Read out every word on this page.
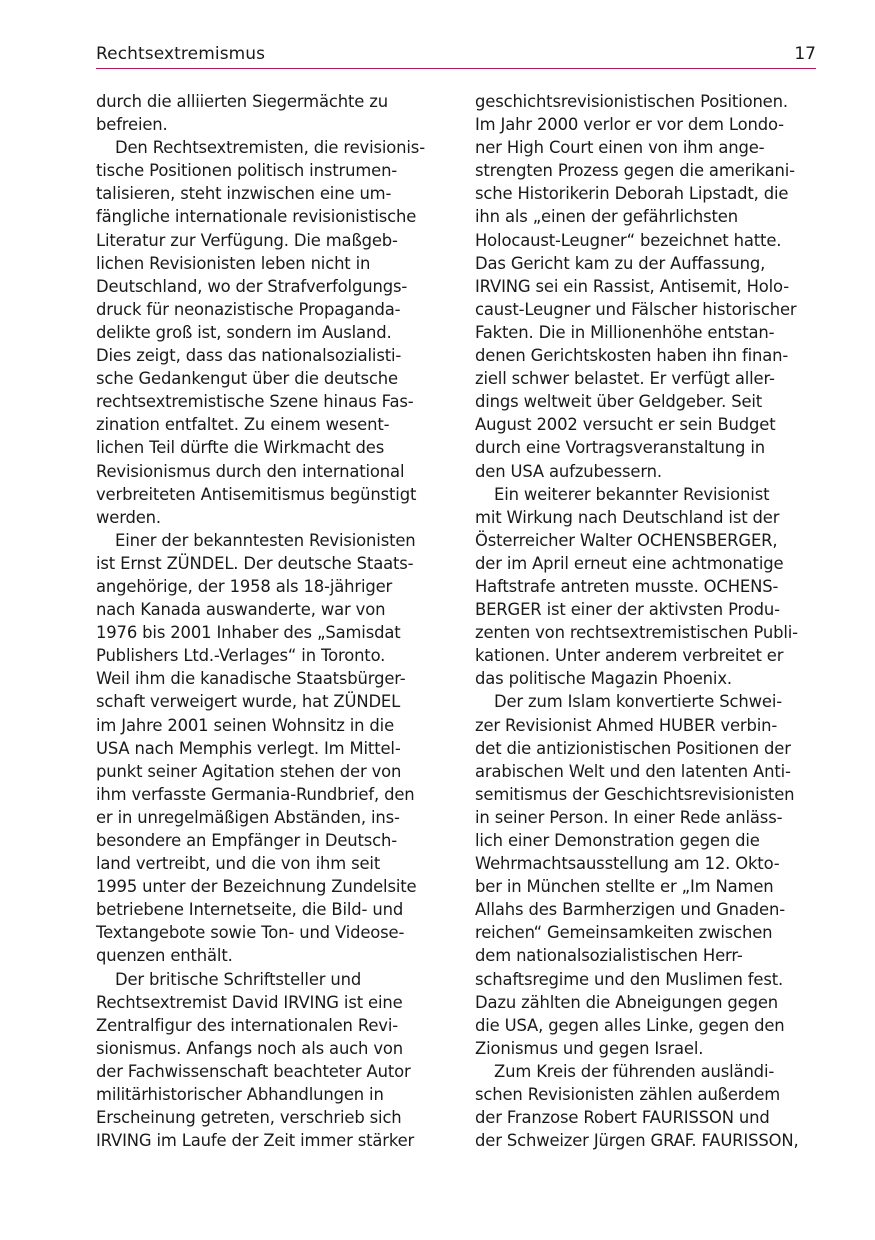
Rechtsextremismus	17
durch die alliierten Siegermächte zu
befreien.
Den Rechtsextremisten, die revisionis-
tische Positionen politisch instrumen-
talisieren, steht inzwischen eine um-
fängliche internationale revisionistische
Literatur zur Verfügung. Die maßgeb-
lichen Revisionisten leben nicht in
Deutschland, wo der Strafverfolgungs-
druck für neonazistische Propaganda-
delikte groß ist, sondern im Ausland.
Dies zeigt, dass das nationalsozialisti-
sche Gedankengut über die deutsche
rechtsextremistische Szene hinaus Fas-
zination entfaltet. Zu einem wesent-
lichen Teil dürfte die Wirkmacht des
Revisionismus durch den international
verbreiteten Antisemitismus begünstigt
werden.
Einer der bekanntesten Revisionisten
ist Ernst ZÜNDEL. Der deutsche Staats-
angehörige, der 1958 als 18-jähriger
nach Kanada auswanderte, war von
1976 bis 2001 Inhaber des „Samisdat
Publishers Ltd.-Verlages“ in Toronto.
Weil ihm die kanadische Staatsbürger-
schaft verweigert wurde, hat ZÜNDEL
im Jahre 2001 seinen Wohnsitz in die
USA nach Memphis verlegt. Im Mittel-
punkt seiner Agitation stehen der von
ihm verfasste Germania-Rundbrief, den
er in unregelmäßigen Abständen, ins-
besondere an Empfänger in Deutsch-
land vertreibt, und die von ihm seit
1995 unter der Bezeichnung Zundelsite
betriebene Internetseite, die Bild- und
Textangebote sowie Ton- und Videose-
quenzen enthält.
Der britische Schriftsteller und
Rechtsextremist David IRVING ist eine
Zentralfigur des internationalen Revi-
sionismus. Anfangs noch als auch von
der Fachwissenschaft beachteter Autor
militärhistorischer Abhandlungen in
Erscheinung getreten, verschrieb sich
IRVING im Laufe der Zeit immer stärker
geschichtsrevisionistischen Positionen.
Im Jahr 2000 verlor er vor dem Londo-
ner High Court einen von ihm ange-
strengten Prozess gegen die amerikani-
sche Historikerin Deborah Lipstadt, die
ihn als „einen der gefährlichsten
Holocaust-Leugner“ bezeichnet hatte.
Das Gericht kam zu der Auffassung,
IRVING sei ein Rassist, Antisemit, Holo-
caust-Leugner und Fälscher historischer
Fakten. Die in Millionenhöhe entstan-
denen Gerichtskosten haben ihn finan-
ziell schwer belastet. Er verfügt aller-
dings weltweit über Geldgeber. Seit
August 2002 versucht er sein Budget
durch eine Vortragsveranstaltung in
den USA aufzubessern.
Ein weiterer bekannter Revisionist
mit Wirkung nach Deutschland ist der
Österreicher Walter OCHENSBERGER,
der im April erneut eine achtmonatige
Haftstrafe antreten musste. OCHENS-
BERGER ist einer der aktivsten Produ-
zenten von rechtsextremistischen Publi-
kationen. Unter anderem verbreitet er
das politische Magazin Phoenix.
Der zum Islam konvertierte Schwei-
zer Revisionist Ahmed HUBER verbin-
det die antizionistischen Positionen der
arabischen Welt und den latenten Anti-
semitismus der Geschichtsrevisionisten
in seiner Person. In einer Rede anläss-
lich einer Demonstration gegen die
Wehrmachtsausstellung am 12. Okto-
ber in München stellte er „Im Namen
Allahs des Barmherzigen und Gnaden-
reichen“ Gemeinsamkeiten zwischen
dem nationalsozialistischen Herr-
schaftsregime und den Muslimen fest.
Dazu zählten die Abneigungen gegen
die USA, gegen alles Linke, gegen den
Zionismus und gegen Israel.
Zum Kreis der führenden ausländi-
schen Revisionisten zählen außerdem
der Franzose Robert FAURISSON und
der Schweizer Jürgen GRAF. FAURISSON,
